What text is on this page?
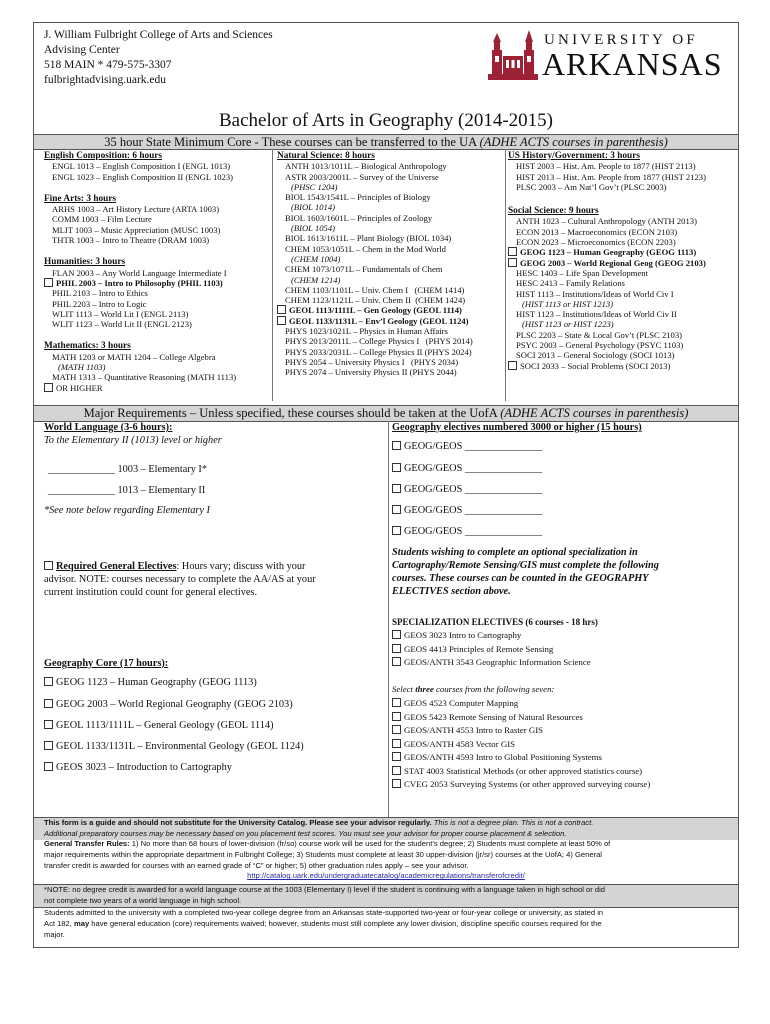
J. William Fulbright College of Arts and Sciences
Advising Center
518 MAIN * 479-575-3307
fulbrightadvising.uark.edu
UNIVERSITY OF
ARKANSAS
Bachelor of Arts in Geography (2014-2015)
35 hour State Minimum Core - These courses can be transferred to the UA (ADHE ACTS courses in parenthesis)
English Composition: 6 hours
ENGL 1013 – English Composition I (ENGL 1013)
ENGL 1023 – English Composition II (ENGL 1023)
Fine Arts: 3 hours
ARHS 1003 – Art History Lecture (ARTA 1003)
COMM 1003 – Film Lecture
MLIT 1003 – Music Appreciation (MUSC 1003)
THTR 1003 – Intro to Theatre (DRAM 1003)
Humanities: 3 hours
FLAN 2003 – Any World Language Intermediate I
PHIL 2003 – Intro to Philosophy (PHIL 1103)
PHIL 2103 – Intro to Ethics
PHIL 2203 – Intro to Logic
WLIT 1113 – World Lit I (ENGL 2113)
WLIT 1123 – World Lit II (ENGL 2123)
Mathematics: 3 hours
MATH 1203 or MATH 1204 – College Algebra
(MATH 1103)
MATH 1313 – Quantitative Reasoning (MATH 1113)
OR HIGHER
Natural Science: 8 hours
ANTH 1013/1011L – Biological Anthropology
ASTR 2003/2001L – Survey of the Universe
(PHSC 1204)
BIOL 1543/1541L – Principles of Biology
(BIOL 1014)
BIOL 1603/1601L – Principles of Zoology
(BIOL 1054)
BIOL 1613/1611L – Plant Biology (BIOL 1034)
CHEM 1053/1051L – Chem in the Mod World
(CHEM 1004)
CHEM 1073/1071L – Fundamentals of Chem
(CHEM 1214)
CHEM 1103/1101L – Univ. Chem I   (CHEM 1414)
CHEM 1123/1121L – Univ. Chem II  (CHEM 1424)
GEOL 1113/1111L – Gen Geology (GEOL 1114)
GEOL 1133/1131L – Env’l Geology (GEOL 1124)
PHYS 1023/1021L – Physics in Human Affairs
PHYS 2013/2011L – College Physics I   (PHYS 2014)
PHYS 2033/2031L – College Physics II (PHYS 2024)
PHYS 2054 – University Physics I   (PHYS 2034)
PHYS 2074 – University Physics II (PHYS 2044)
US History/Government: 3 hours
HIST 2003 – Hist. Am. People to 1877 (HIST 2113)
HIST 2013 – Hist. Am. People from 1877 (HIST 2123)
PLSC 2003 – Am Nat’l Gov’t (PLSC 2003)
Social Science: 9 hours
ANTH 1023 – Cultural Anthropology (ANTH 2013)
ECON 2013 – Macroeconomics (ECON 2103)
ECON 2023 – Microeconomics (ECON 2203)
GEOG 1123 – Human Geography (GEOG 1113)
GEOG 2003 – World Regional Geog (GEOG 2103)
HESC 1403 – Life Span Development
HESC 2413 – Family Relations
HIST 1113 – Institutions/Ideas of World Civ I
(HIST 1113 or HIST 1213)
HIST 1123 – Institutions/Ideas of World Civ II
(HIST 1123 or HIST 1223)
PLSC 2203 – State & Local Gov’t (PLSC 2103)
PSYC 2003 – General Psychology (PSYC 1103)
SOCI 2013 – General Sociology (SOCI 1013)
SOCI 2033 – Social Problems (SOCI 2013)
Major Requirements – Unless specified, these courses should be taken at the UofA (ADHE ACTS courses in parenthesis)
World Language (3-6 hours):
To the Elementary II (1013) level or higher
_____________ 1003 – Elementary I*
_____________ 1013 – Elementary II
*See note below regarding Elementary I
Required General Electives: Hours vary; discuss with your
advisor. NOTE: courses necessary to complete the AA/AS at your
current institution could count for general electives.
Geography Core (17 hours):
GEOG 1123 – Human Geography (GEOG 1113)
GEOG 2003 – World Regional Geography (GEOG 2103)
GEOL 1113/1111L – General Geology (GEOL 1114)
GEOL 1133/1131L – Environmental Geology (GEOL 1124)
GEOS 3023 – Introduction to Cartography
Geography electives numbered 3000 or higher (15 hours)
GEOG/GEOS _______________
GEOG/GEOS _______________
GEOG/GEOS _______________
GEOG/GEOS _______________
GEOG/GEOS _______________
Students wishing to complete an optional specialization in
Cartography/Remote Sensing/GIS must complete the following
courses. These courses can be counted in the GEOGRAPHY
ELECTIVES section above.
SPECIALIZATION ELECTIVES (6 courses - 18 hrs)
GEOS 3023 Intro to Cartography
GEOS 4413 Principles of Remote Sensing
GEOS/ANTH 3543 Geographic Information Science
Select three courses from the following seven:
GEOS 4523 Computer Mapping
GEOS 5423 Remote Sensing of Natural Resources
GEOS/ANTH 4553 Intro to Raster GIS
GEOS/ANTH 4583 Vector GIS
GEOS/ANTH 4593 Intro to Global Positioning Systems
STAT 4003 Statistical Methods (or other approved statistics course)
CVEG 2053 Surveying Systems (or other approved surveying course)

This form is a guide and should not substitute for the University Catalog. Please see your advisor regularly. This is not a degree plan. This is not a contract.

Additional preparatory courses may be necessary based on you placement test scores. You must see your advisor for proper course placement & selection.

General Transfer Rules: 1) No more than 68 hours of lower-division (fr/so) course work will be used for the student’s degree; 2) Students must complete at least 50% of

major requirements within the appropriate department in Fulbright College; 3) Students must complete at least 30 upper-division (jr/sr) courses at the UofA; 4) General

transfer credit is awarded for courses with an earned grade of “C” or higher; 5) other graduation rules apply – see your advisor.

http://catalog.uark.edu/undergraduatecatalog/academicregulations/transferofcredit/

*NOTE: no degree credit is awarded for a world language course at the 1003 (Elementary I) level if the student is continuing with a language taken in high school or did

not complete two years of a world language in high school.

Students admitted to the university with a completed two-year college degree from an Arkansas state-supported two-year or four-year college or university, as stated in

Act 182, may have general education (core) requirements waived; however, students must still complete any lower division, discipline specific courses required for the

major.
